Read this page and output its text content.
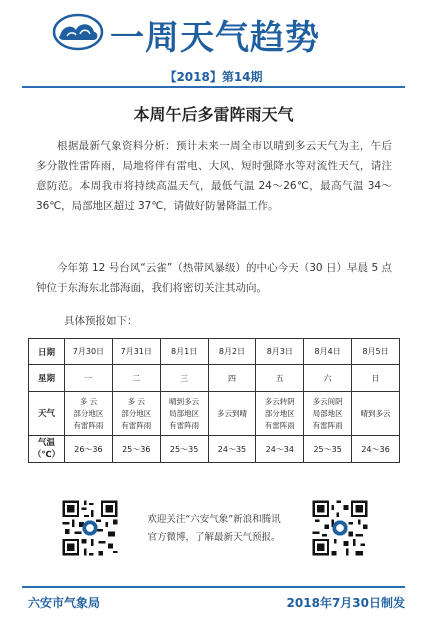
一周天气趋势
【2018】第14期
本周午后多雷阵雨天气
根据最新气象资料分析：预计未来一周全市以晴到多云天气为主，午后多分散性雷阵雨，局地将伴有雷电、大风、短时强降水等对流性天气，请注意防范。本周我市将持续高温天气，最低气温 24～26℃，最高气温 34～36℃，局部地区超过 37℃，请做好防暑降温工作。
今年第 12 号台风“云雀”（热带风暴级）的中心今天（30 日）早晨 5 点钟位于东海东北部海面，我们将密切关注其动向。
具体预报如下：
日期	7月30日	7月31日	8月1日	8月2日	8月3日	8月4日	8月5日
星期	一	二	三	四	五	六	日
天气	多 云
部分地区
有雷阵雨	多 云
部分地区
有雷阵雨	晴到多云
局部地区
有雷阵雨	多云到晴	多云转阴
部分地区
有雷阵雨	多云间阴
局部地区
有雷阵雨	晴到多云
气温
（℃）	26～36	25～36	25～35	24～35	24～34	25～35	24～36
欢迎关注“六安气象”新浪和腾讯
官方微博，了解最新天气预报。
六安市气象局	2018年7月30日制发
